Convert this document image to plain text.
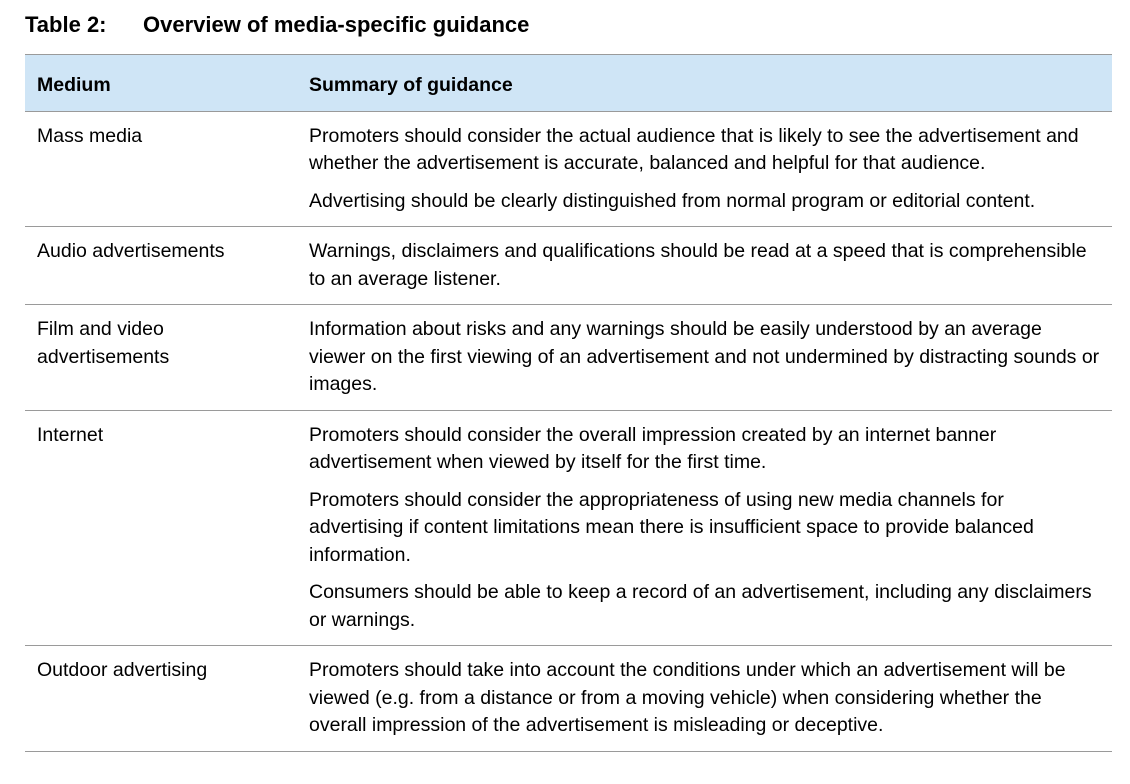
Table 2: Overview of media-specific guidance
Medium	Summary of guidance
Mass media	Promoters should consider the actual audience that is likely to see the advertisement and whether the advertisement is accurate, balanced and helpful for that audience.

Advertising should be clearly distinguished from normal program or editorial content.

Audio advertisements	Warnings, disclaimers and qualifications should be read at a speed that is comprehensible to an average listener.

Film and video advertisements	Information about risks and any warnings should be easily understood by an average viewer on the first viewing of an advertisement and not undermined by distracting sounds or images.

Internet	Promoters should consider the overall impression created by an internet banner advertisement when viewed by itself for the first time.

Promoters should consider the appropriateness of using new media channels for advertising if content limitations mean there is insufficient space to provide balanced information.

Consumers should be able to keep a record of an advertisement, including any disclaimers or warnings.

Outdoor advertising	Promoters should take into account the conditions under which an advertisement will be viewed (e.g. from a distance or from a moving vehicle) when considering whether the overall impression of the advertisement is misleading or deceptive.
